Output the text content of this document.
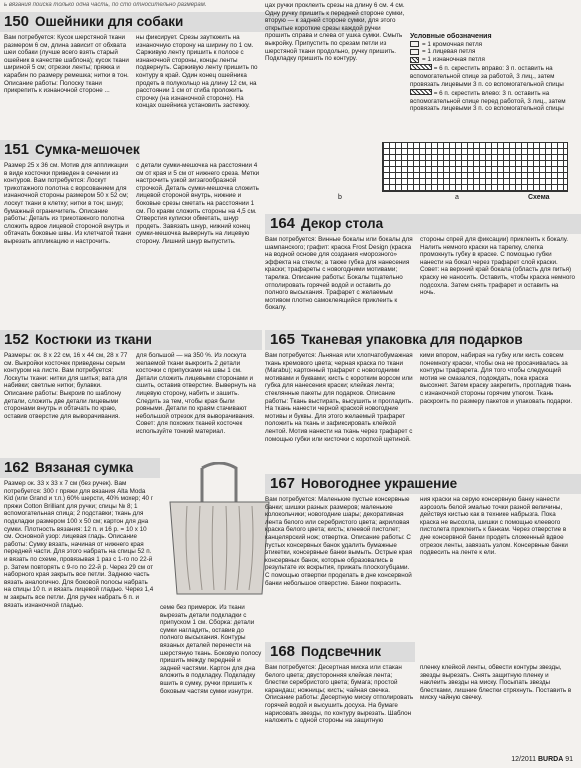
ь вязания поиска только одна часть, по сто относительно размерам.
150 Ошейники для собаки

Вам потребуется: Кусок шерстяной ткани размером 6 см, длина зависит от обхвата шеи собаки (лучше всего взять старый ошейник в качестве шаблона); кусок ткани шириной 5 см; отрезки ленты; пряжка и карабин по размеру ремешка; нитки в тон. Описание работы: Полоску ткани прикрепить к изнаночной стороне ...

ны фиксирует. Срезы заутюжить на изнаночную сторону на ширину по 1 см. Сарживую ленту пришить к полосе с изнаночной стороны, концы ленты подвернуть. Сарживую ленту пришить по контуру в край. Один конец ошейника продеть в полукольцо на длину 12 см, на расстоянии 1 см от сгиба проложить строчку (на изнаночной стороне). На концах ошейника установить застежку.

цах ручки проклеить срезы на длину 6 см. 4 см. Одну ручку пришить к передней стороне сумки, вторую — к задней стороне сумки, для этого открытые короткие срезы каждой ручки прошить справа и слева от ушка сумки. Смыть выкройку. Припустить по срезам петли из шерстяной ткани продольно, ручку пришить. Подкладку пришить по контуру.

Условные обозначения
= 1 кромочная петля
= 1 лицевая петля
= 1 изнаночная петля
= 6 п. скрестить вправо: 3 п. оставить на вспомогательной спице за работой, 3 лиц., затем провязать лицевыми 3 п. со вспомогательной спицы
= 6 п. скрестить влево: 3 п. оставить на вспомогательной спице перед работой, 3 лиц., затем провязать лицевыми 3 п. со вспомогательной спицы
Схема
а
b
151 Сумка-мешочек

Размер 25 х 36 см. Мотив для аппликации в виде косточки приведен в сечении из контуров. Вам потребуется: Лоскут трикотажного полотна с ворсованием для изнаночной стороны размером 50 х 52 см; лоскут ткани в клетку; нитки в тон; шнур; бумажный ограничитель. Описание работы: Деталь из трикотажного полотна сложить вдвое лицевой стороной внутрь и обтачать боковые швы. Из клетчатой ткани вырезать аппликацию и настрочить.

с детали сумки-мешочка на расстоянии 4 см от края и 5 см от нижнего среза. Метки настрочить узкой зигзагообразной строчкой. Деталь сумки-мешочка сложить лицевой стороной внутрь, нижние и боковые срезы сметать на расстоянии 1 см. По краям сложить стороны на 4,5 см. Отверстия кулиски обметать, шнур продеть. Завязать шнур, нижний конец сумки-мешочка вывернуть на лицевую сторону. Лишний шнур выпустить.

164 Декор стола

Вам потребуется: Винные бокалы или бокалы для шампанского; графит: краска Frost Design (краска на водной основе для создания «морозного» эффекта на стекле; а также губка для нанесения краски; трафареты с новогодними мотивами; тарелка. Описание работы: Бокалы тщательно отполировать горячей водой и оставить до полного высыхания. Трафарет с желаемым мотивом плотно самоклеящийся приклеить к бокалу.

стороны спрей для фиксации) приклеить к бокалу. Налить немного краски на тарелку, слегка промокнуть губку в краске. С помощью губки нанести на бокал через трафарет слой краски. Совет: на верхний край бокала (область для питья) краску не наносить. Оставить, чтобы краска немного подсохла. Затем снять трафарет и оставить на ночь.

152 Костюки из ткани

Размеры: ок. 8 х 22 см, 16 х 44 см, 28 х 77 см. Выкройки косточек приведены серым контуром на листе. Вам потребуется: Лоскуты ткани: нитки для шитья; вата для набивки; светлые нитки; булавки. Описание работы: Выкроив по шаблону детали, сложить две детали лицевыми сторонами внутрь и обтачать по краю, оставив отверстие для выворачивания.

для большой — на 350 %. Из лоскута желаемой ткани выкроить 2 детали косточки с припусками на швы 1 см. Детали сложить лицевыми сторонами и сшить, оставив отверстие. Вывернуть на лицевую сторону, набить и зашить. Следить за тем, чтобы края были ровными. Детали по краям стачивают небольшой отрезок для выворачивания. Совет: для похожих тканей косточек используйте тонкий материал.

165 Тканевая упаковка для подарков

Вам потребуется: Льняная или хлопчатобумажная ткань кремового цвета; черная краска по ткани (Marabu); картонный трафарет с новогодними мотивами и буквами; кисть с коротким ворсом или губка для нанесения краски; клейкая лента; стеклянные пакеты для подарков. Описание работы: Ткань выстирать, высушить и прогладить. На ткань нанести черной краской новогодние мотивы и буквы. Для этого желаемый трафарет положить на ткань и зафиксировать клейкой лентой. Мотив нанести на ткань через трафарет с помощью губки или кисточки с короткой щетиной.

кими впором, набирая на губку или кисть совсем понемногу краски, чтобы она не просачивалась за контуры трафарета. Для того чтобы следующий мотив не смазался, подождать, пока краска высохнет. Затем краску закрепить, прогладив ткань с изнаночной стороны горячим утюгом. Ткань раскроить по размеру пакетов и упаковать подарки.

162 Вязаная сумка

Размер ок. 33 х 33 х 7 см (без ручек). Вам потребуется: 300 г пряжи для вязания Alta Moda Kid (или Grand и т.п.) 60% шерсти, 40% мохер; 40 г пряжи Cotton Brilliant для ручки; спицы № 8; 1 вспомогательная спица; 2 подставки; ткань для подкладки размером 100 х 50 см; картон для дна сумки. Плотность вязания: 12 п. и 16 р. = 10 х 10 см. Основной узор: лицевая гладь. Описание работы: Сумку вязать, начиная от нижнего края передней части. Для этого набрать на спицы 52 п. и вязать по схеме, провязывая 1 раз с 1-го по 22-й р. Затем повторять с 9-го по 22-й р. Через 29 см от наборного края закрыть все петли. Заднюю часть вязать аналогично. Для боковой полосы набрать на спицы 10 п. и вязать лицевой гладью. Через 1,4 м закрыть все петли. Для ручек набрать 6 п. и вязать изнаночной гладью.	семе без примерок. Из ткани вырезать детали подкладки с припуском 1 см. Сборка: детали сумки нагладить, оставив до полного высыхания. Контуры вязаных деталей перенести на шерстяную ткань. Боковую полосу пришить между передней и задней частями. Картон для дна вложить в подкладку. Подкладку вшить в сумку, ручки пришить к боковым частям сумки изнутри.

167 Новогоднее украшение

Вам потребуется: Маленькие пустые консервные банки; шишки разных размеров; маленькие колокольчики; новогодние шары; декоративная лента белого или серебристого цвета; акриловая краска белого цвета; кисть; клеевой пистолет; канцелярский нож; отвертка. Описание работы: С пустых консервных банок удалить бумажные этикетки, консервные банки вымыть. Острые края консервных банок, которые образовались в результате их вскрытия, прижать плоскогубцами. С помощью отвертки проделать в дне консервной банки небольшое отверстие. Банки покрасить.

ния краски на серую консервную банку нанести аэрозоль белой эмалью точки разной величины, действуя кистью как в технике набрызга. Пока краска не высохла, шишки с помощью клеевого пистолета приклеить к банкам. Через отверстие в дне консервной банки продеть сложенный вдвое отрезок ленты, завязать узлом. Консервные банки подвесить на ленте к ели.

168 Подсвечник

Вам потребуется: Десертная миска или стакан белого цвета; двусторонняя клейкая лента; блестки серебристого цвета; бумага; простой карандаш; ножницы; кисть; чайная свечка. Описание работы: Десертную миску отполировать горячей водой и высушить досуха. На бумаге нарисовать звезды, по контуру вырезать. Шаблон наложить с одной стороны на защитную

пленку клейкой ленты, обвести контуры звезды, звезды вырезать. Снять защитную пленку и наклеить звезды на миску. Посыпать звезды блестками, лишние блестки стряхнуть. Поставить в миску чайную свечку.

12/2011 BURDA 91
